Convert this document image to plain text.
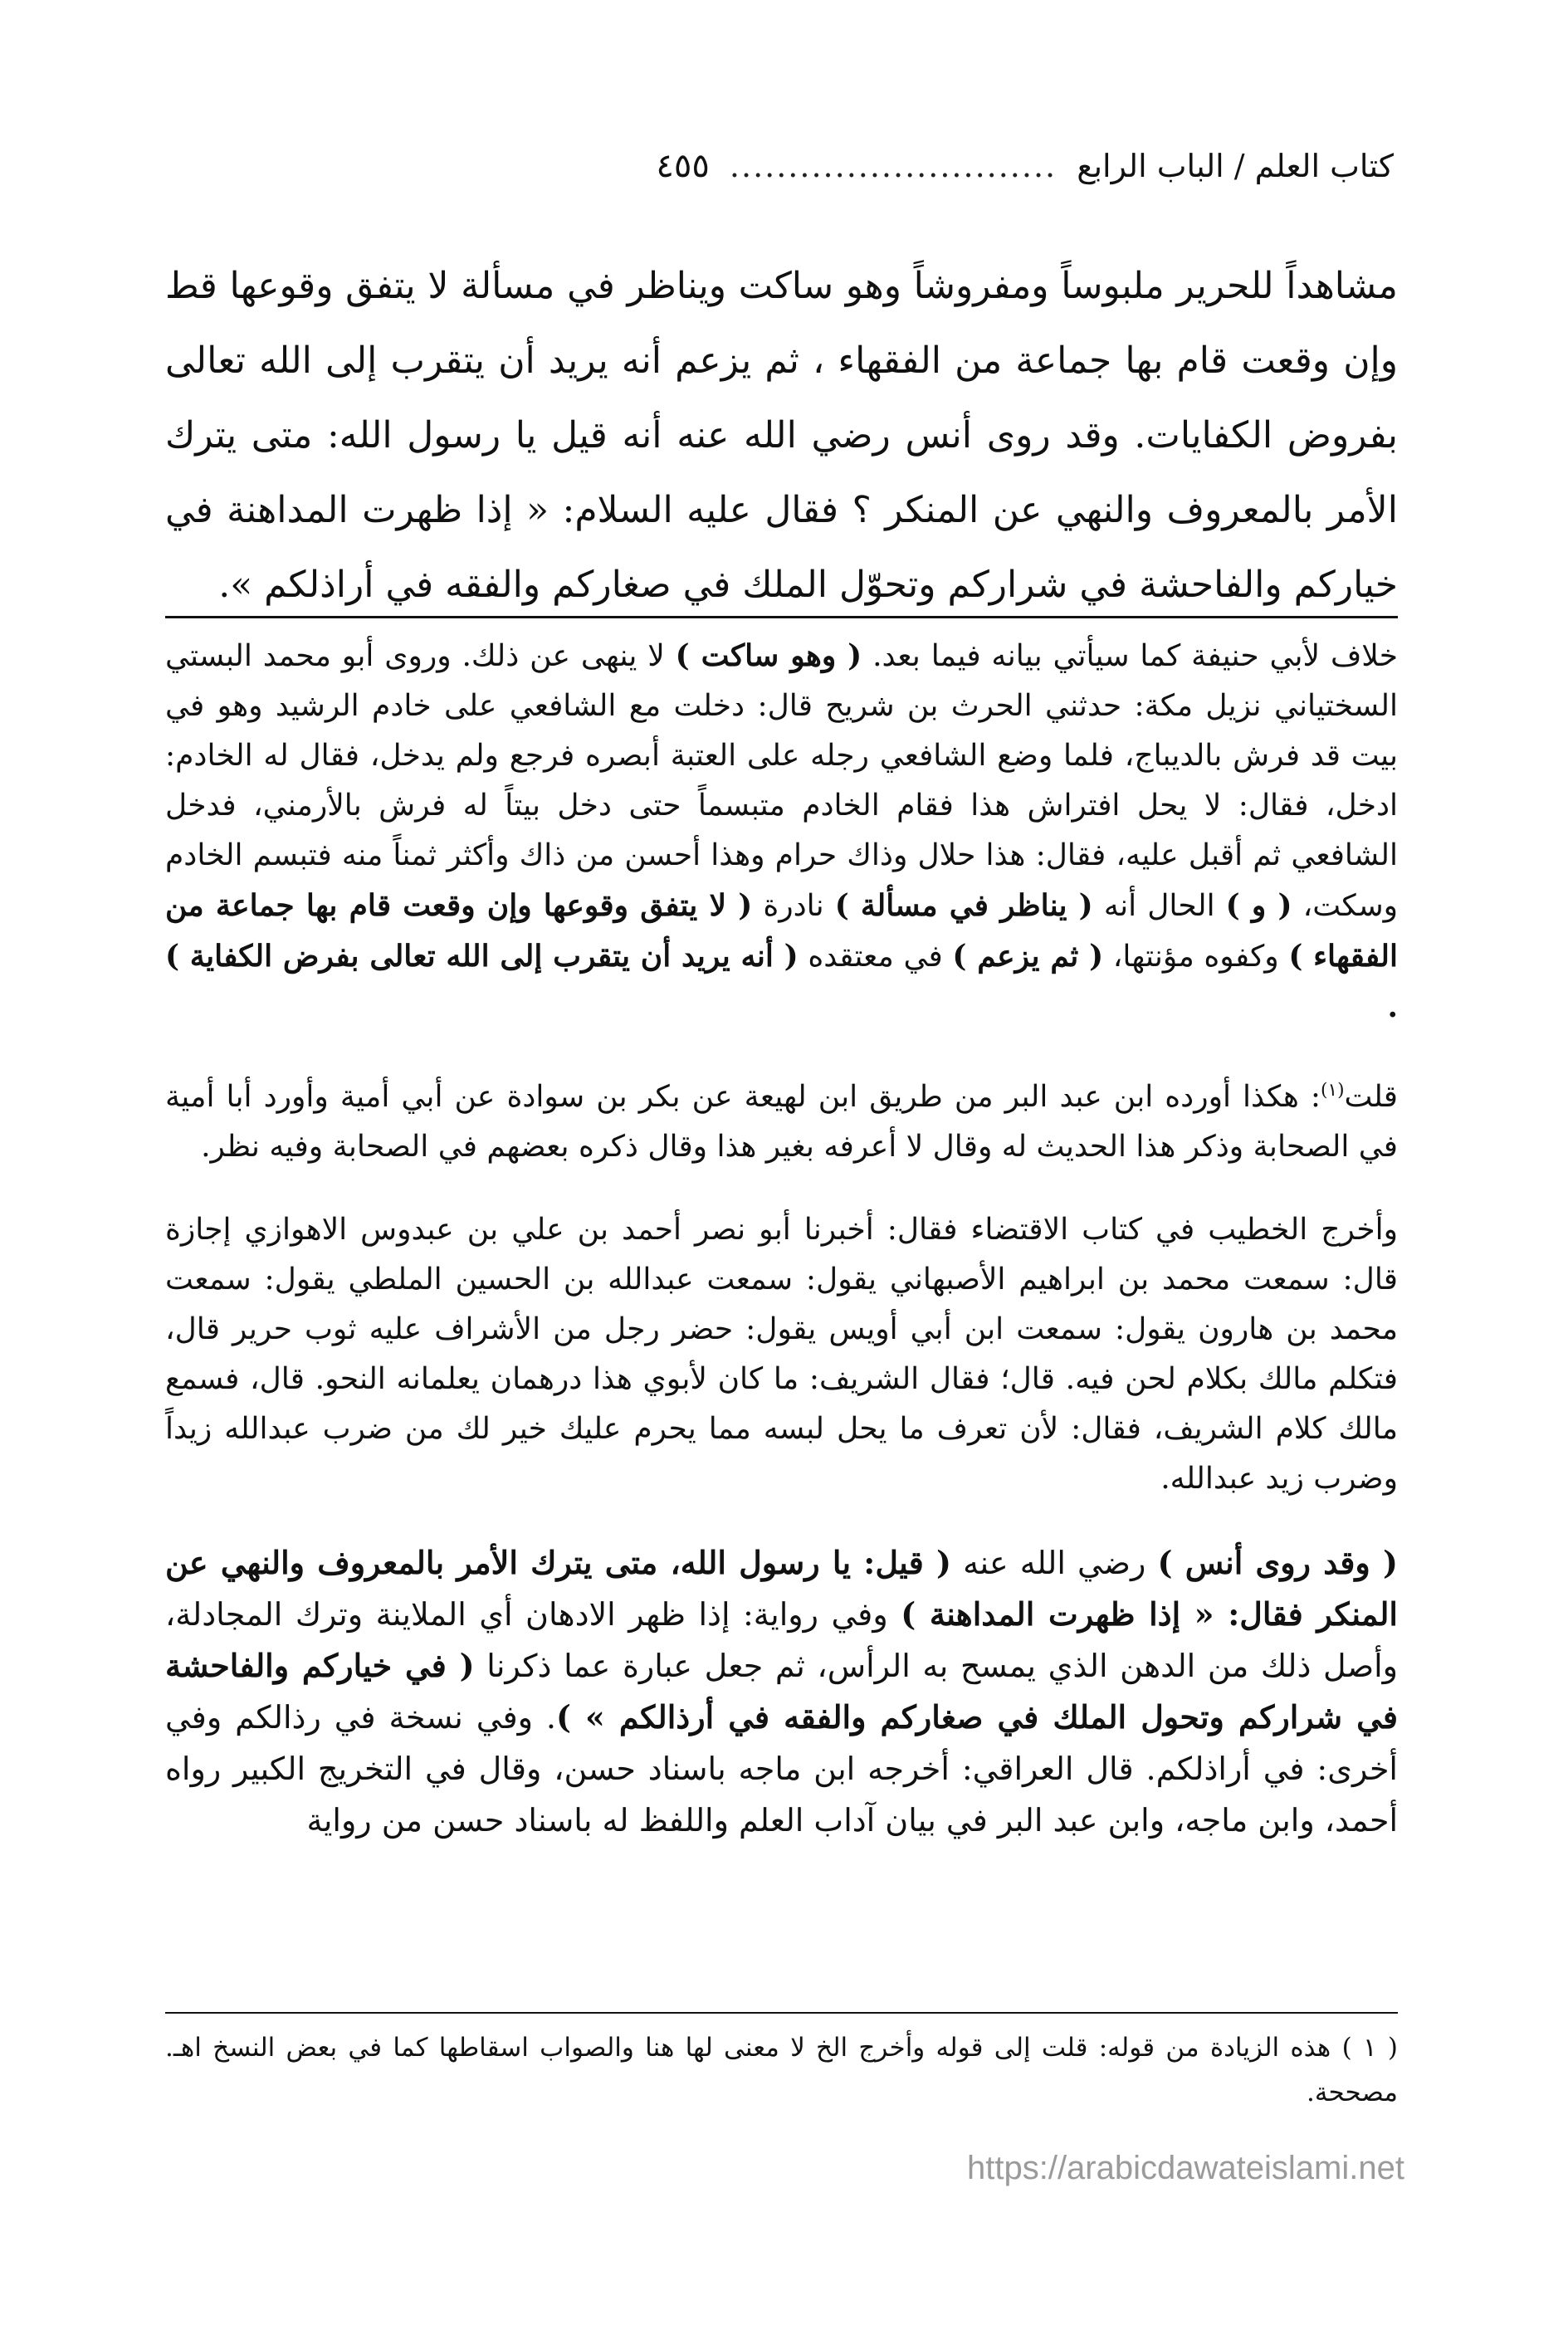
كتاب العلم / الباب الرابع ............................ ٤٥٥

مشاهداً للحرير ملبوساً ومفروشاً وهو ساكت ويناظر في مسألة لا يتفق وقوعها قط وإن وقعت قام بها جماعة من الفقهاء ، ثم يزعم أنه يريد أن يتقرب إلى الله تعالى بفروض الكفايات. وقد روى أنس رضي الله عنه أنه قيل يا رسول الله: متى يترك الأمر بالمعروف والنهي عن المنكر ؟ فقال عليه السلام: « إذا ظهرت المداهنة في خياركم والفاحشة في شراركم وتحوّل الملك في صغاركم والفقه في أراذلكم ».

خلاف لأبي حنيفة كما سيأتي بيانه فيما بعد. ( وهو ساكت ) لا ينهى عن ذلك. وروى أبو محمد البستي السختياني نزيل مكة: حدثني الحرث بن شريح قال: دخلت مع الشافعي على خادم الرشيد وهو في بيت قد فرش بالديباج، فلما وضع الشافعي رجله على العتبة أبصره فرجع ولم يدخل، فقال له الخادم: ادخل، فقال: لا يحل افتراش هذا فقام الخادم متبسماً حتى دخل بيتاً له فرش بالأرمني، فدخل الشافعي ثم أقبل عليه، فقال: هذا حلال وذاك حرام وهذا أحسن من ذاك وأكثر ثمناً منه فتبسم الخادم وسكت، ( و ) الحال أنه ( يناظر في مسألة ) نادرة ( لا يتفق وقوعها وإن وقعت قام بها جماعة من الفقهاء ) وكفوه مؤنتها، ( ثم يزعم ) في معتقده ( أنه يريد أن يتقرب إلى الله تعالى بفرض الكفاية ) .

قلت$^{(١)}$: هكذا أورده ابن عبد البر من طريق ابن لهيعة عن بكر بن سوادة عن أبي أمية وأورد أبا أمية في الصحابة وذكر هذا الحديث له وقال لا أعرفه بغير هذا وقال ذكره بعضهم في الصحابة وفيه نظر.

وأخرج الخطيب في كتاب الاقتضاء فقال: أخبرنا أبو نصر أحمد بن علي بن عبدوس الاهوازي إجازة قال: سمعت محمد بن ابراهيم الأصبهاني يقول: سمعت عبدالله بن الحسين الملطي يقول: سمعت محمد بن هارون يقول: سمعت ابن أبي أويس يقول: حضر رجل من الأشراف عليه ثوب حرير قال، فتكلم مالك بكلام لحن فيه. قال؛ فقال الشريف: ما كان لأبوي هذا درهمان يعلمانه النحو. قال، فسمع مالك كلام الشريف، فقال: لأن تعرف ما يحل لبسه مما يحرم عليك خير لك من ضرب عبدالله زيداً وضرب زيد عبدالله.

( وقد روى أنس ) رضي الله عنه ( قيل: يا رسول الله، متى يترك الأمر بالمعروف والنهي عن المنكر فقال: « إذا ظهرت المداهنة ) وفي رواية: إذا ظهر الادهان أي الملاينة وترك المجادلة، وأصل ذلك من الدهن الذي يمسح به الرأس، ثم جعل عبارة عما ذكرنا ( في خياركم والفاحشة في شراركم وتحول الملك في صغاركم والفقه في أرذالكم » ). وفي نسخة في رذالكم وفي أخرى: في أراذلكم. قال العراقي: أخرجه ابن ماجه باسناد حسن، وقال في التخريج الكبير رواه أحمد، وابن ماجه، وابن عبد البر في بيان آداب العلم واللفظ له باسناد حسن من رواية

( ١ ) هذه الزيادة من قوله: قلت إلى قوله وأخرج الخ لا معنى لها هنا والصواب اسقاطها كما في بعض النسخ اهـ. مصححة.

https://arabicdawateislami.net
